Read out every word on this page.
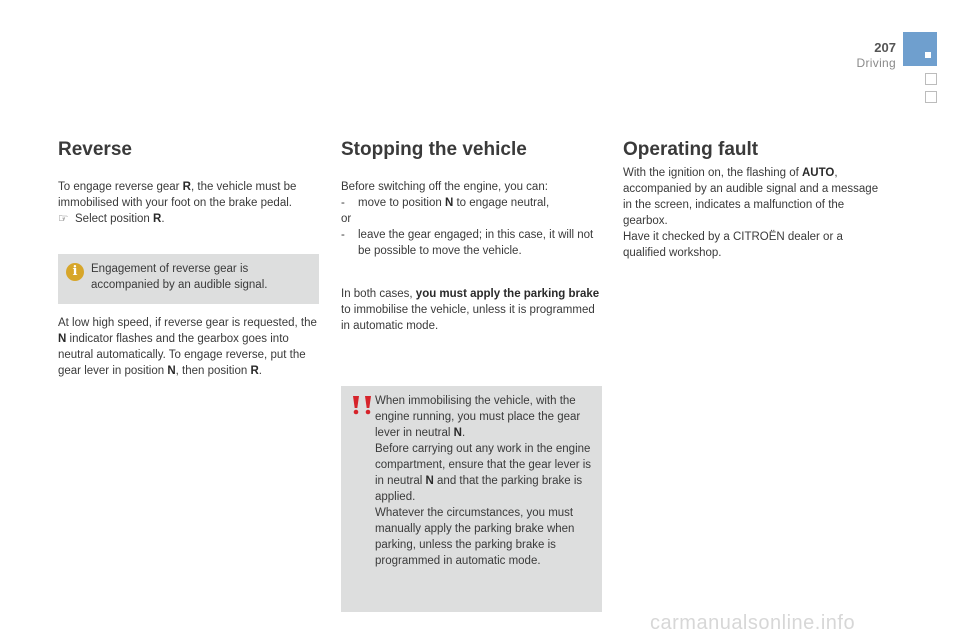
207
Driving
Reverse

To engage reverse gear R, the vehicle must be immobilised with your foot on the brake pedal.

☞ Select position R.

i	Engagement of reverse gear is accompanied by an audible signal.

At low high speed, if reverse gear is requested, the N indicator flashes and the gearbox goes into neutral automatically. To engage reverse, put the gear lever in position N, then position R.

Stopping the vehicle

Before switching off the engine, you can:

- move to position N to engage neutral,

or

- leave the gear engaged; in this case, it will not be possible to move the vehicle.

In both cases, you must apply the parking brake to immobilise the vehicle, unless it is programmed in automatic mode.

When immobilising the vehicle, with the engine running, you must place the gear lever in neutral N.

Before carrying out any work in the engine compartment, ensure that the gear lever is in neutral N and that the parking brake is applied.

Whatever the circumstances, you must manually apply the parking brake when parking, unless the parking brake is programmed in automatic mode.

Operating fault

With the ignition on, the flashing of AUTO, accompanied by an audible signal and a message in the screen, indicates a malfunction of the gearbox.

Have it checked by a CITROËN dealer or a qualified workshop.

carmanualsonline.info
